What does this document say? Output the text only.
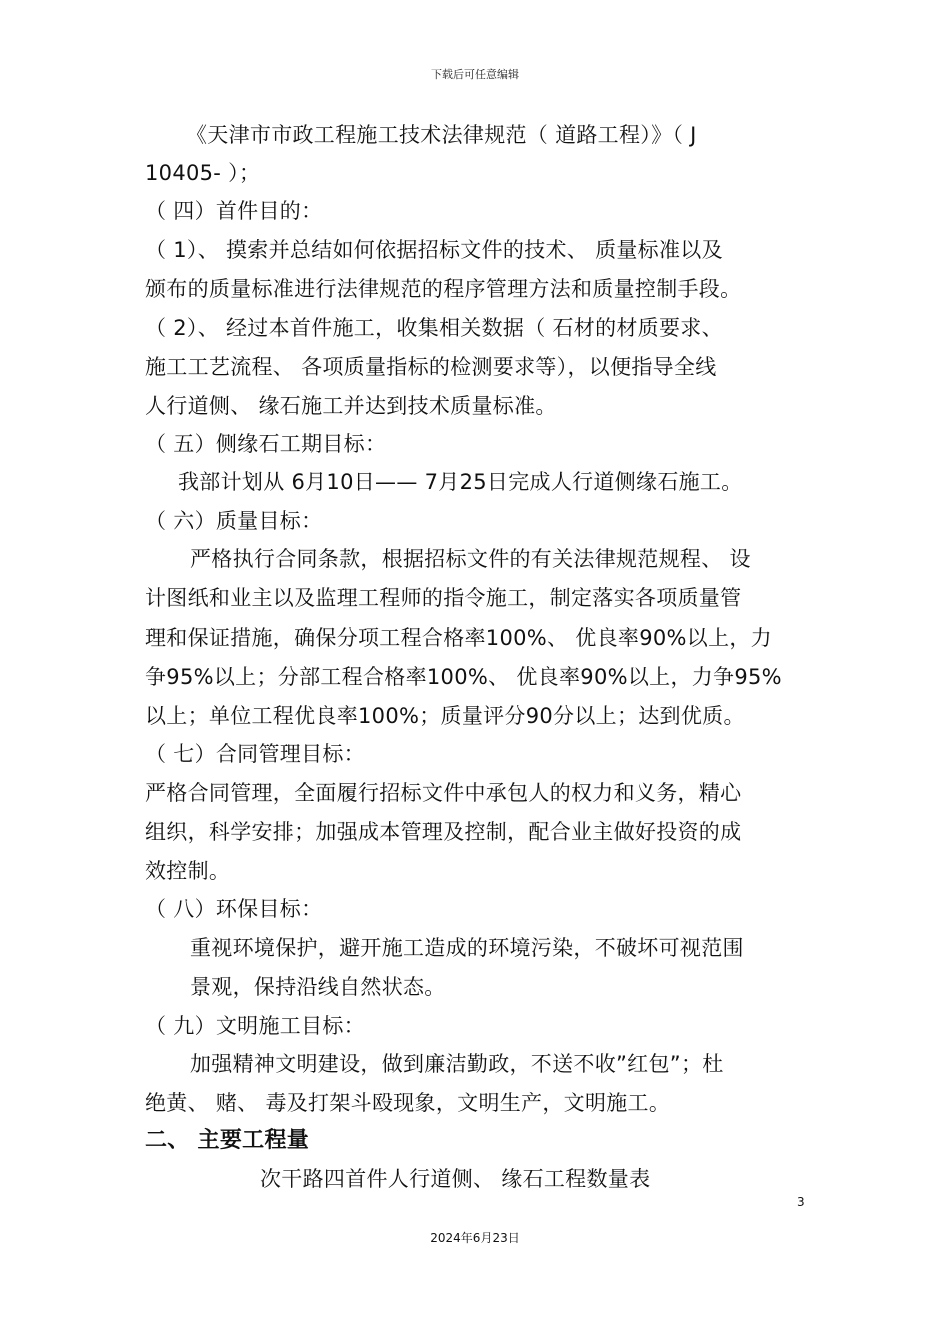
下载后可任意编辑
《天津市市政工程施工技术法律规范（ 道路工程）》（ J
10405- ）；
（ 四）首件目的：
（ 1）、 摸索并总结如何依据招标文件的技术、 质量标准以及
颁布的质量标准进行法律规范的程序管理方法和质量控制手段。
（ 2）、 经过本首件施工，收集相关数据（ 石材的材质要求、
施工工艺流程、 各项质量指标的检测要求等），以便指导全线
人行道侧、 缘石施工并达到技术质量标准。
（ 五）侧缘石工期目标：
我部计划从 6月10日—— 7月25日完成人行道侧缘石施工。
（ 六）质量目标：
严格执行合同条款，根据招标文件的有关法律规范规程、 设
计图纸和业主以及监理工程师的指令施工，制定落实各项质量管
理和保证措施，确保分项工程合格率100%、 优良率90%以上，力
争95%以上；分部工程合格率100%、 优良率90%以上，力争95%
以上；单位工程优良率100%；质量评分90分以上；达到优质。
（ 七）合同管理目标：
严格合同管理，全面履行招标文件中承包人的权力和义务，精心
组织，科学安排；加强成本管理及控制，配合业主做好投资的成
效控制。
（ 八）环保目标：
重视环境保护，避开施工造成的环境污染，不破坏可视范围
景观，保持沿线自然状态。
（ 九）文明施工目标：
加强精神文明建设，做到廉洁勤政，不送不收”红包”；杜
绝黄、 赌、 毒及打架斗殴现象，文明生产，文明施工。
二、 主要工程量
次干路四首件人行道侧、 缘石工程数量表
3
2024年6月23日
